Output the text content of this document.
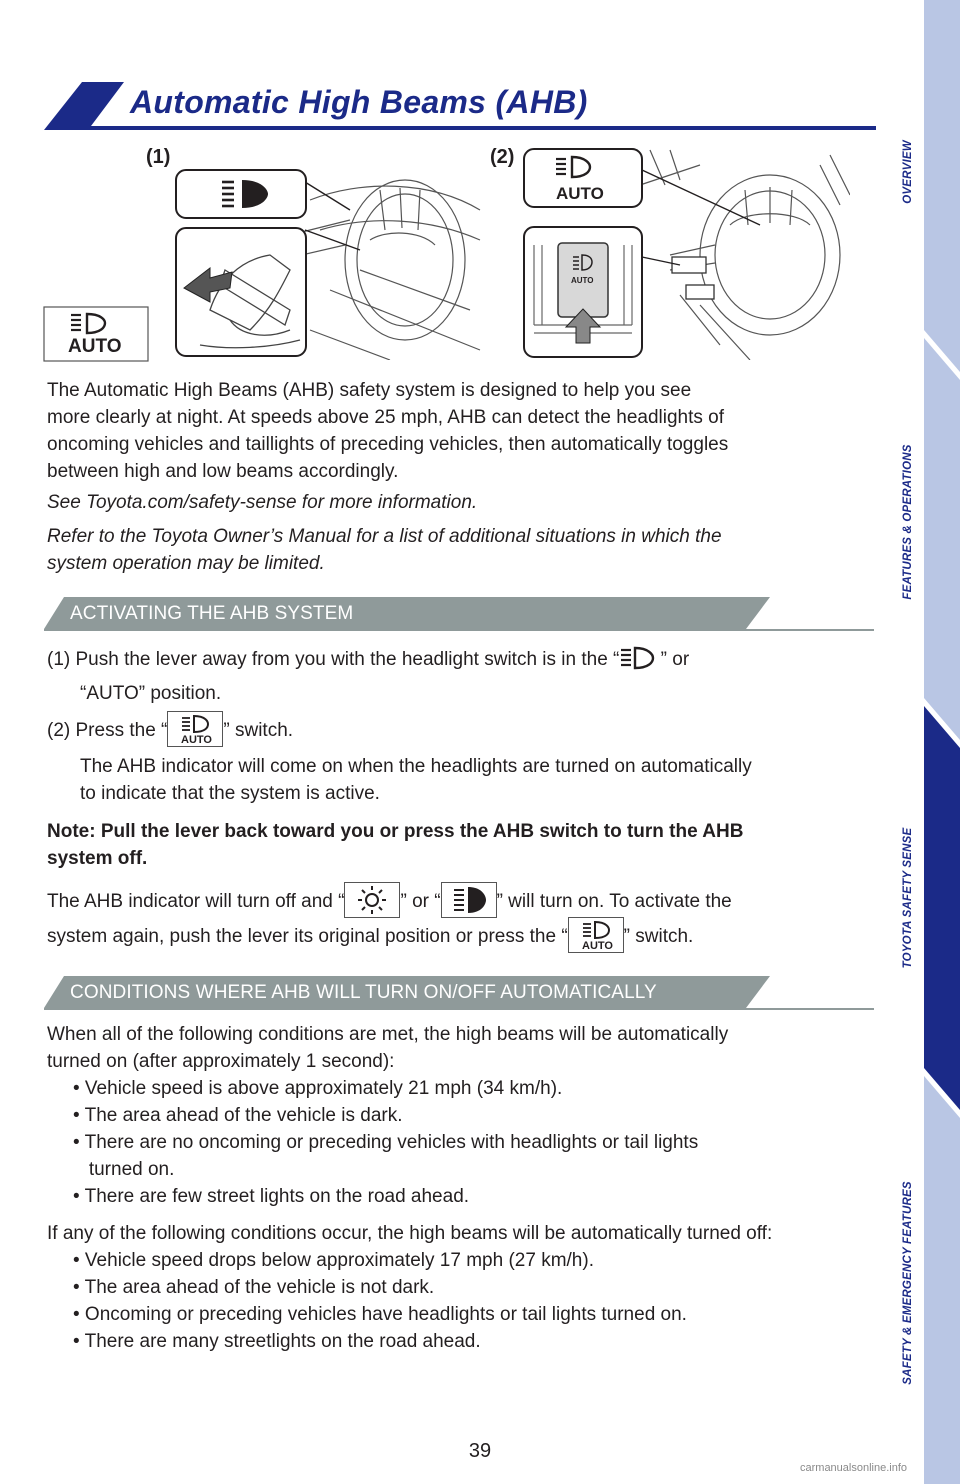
Automatic High Beams (AHB)
OVERVIEW
FEATURES & OPERATIONS
TOYOTA SAFETY SENSE
SAFETY & EMERGENCY FEATURES
(1)	(2)
AUTO
AUTO
AUTO
The Automatic High Beams (AHB) safety system is designed to help you see
more clearly at night. At speeds above 25 mph, AHB can detect the headlights of
oncoming vehicles and taillights of preceding vehicles, then automatically toggles
between high and low beams accordingly.
See Toyota.com/safety-sense for more information.
Refer to the Toyota Owner’s Manual for a list of additional situations in which the
system operation may be limited.
ACTIVATING THE AHB SYSTEM
(1) Push the lever away from you with the headlight switch is in the “ ” or
“AUTO” position.
(2) Press the “ AUTO ” switch.
The AHB indicator will come on when the headlights are turned on automatically
to indicate that the system is active.
Note: Pull the lever back toward you or press the AHB switch to turn the AHB
system off.
The AHB indicator will turn off and “	” or “	” will turn on. To activate the
system again, push the lever its original position or press the “ AUTO ” switch.
CONDITIONS WHERE AHB WILL TURN ON/OFF AUTOMATICALLY
When all of the following conditions are met, the high beams will be automatically
turned on (after approximately 1 second):
• Vehicle speed is above approximately 21 mph (34 km/h).
• The area ahead of the vehicle is dark.
• There are no oncoming or preceding vehicles with headlights or tail lights
turned on.
• There are few street lights on the road ahead.
If any of the following conditions occur, the high beams will be automatically turned off:
• Vehicle speed drops below approximately 17 mph (27 km/h).
• The area ahead of the vehicle is not dark.
• Oncoming or preceding vehicles have headlights or tail lights turned on.
• There are many streetlights on the road ahead.
39
carmanualsonline.info
